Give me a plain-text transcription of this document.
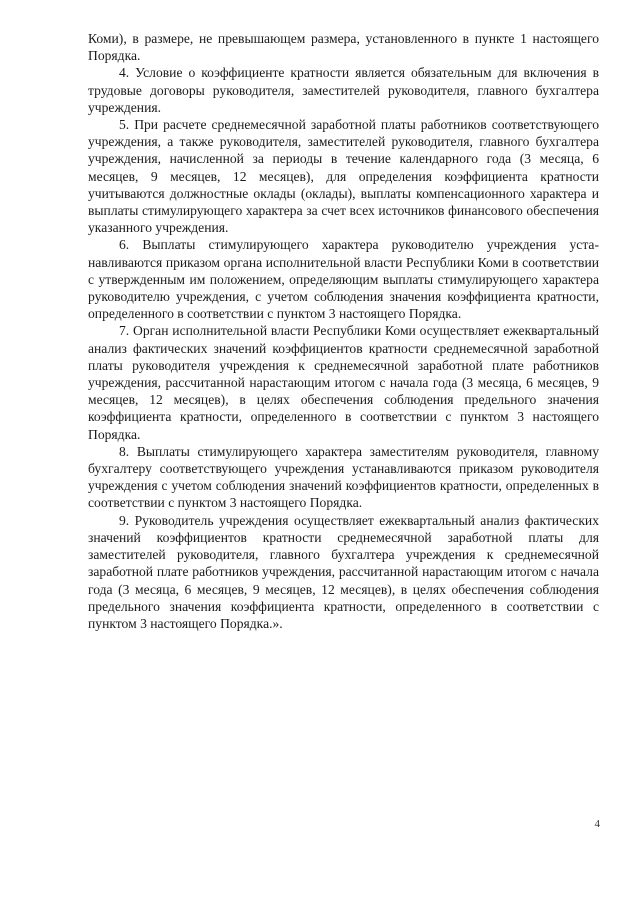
Коми), в размере, не превышающем размера, установленного в пункте 1 настоящего Порядка.

4. Условие о коэффициенте кратности является обязательным для включения в трудовые договоры руководителя, заместителей руководителя, главного бухгалтера учреждения.

5. При расчете среднемесячной заработной платы работников соответствующего учреждения, а также руководителя, заместителей руководителя, главного бухгалтера учреждения, начисленной за периоды в течение календарного года (3 месяца, 6 месяцев, 9 месяцев, 12 месяцев), для определения коэффициента кратности учитываются должностные оклады (оклады), выплаты компенсационного характера и выплаты стимулирующего характера за счет всех источников финансового обеспечения указанного учреждения.

6. Выплаты стимулирующего характера руководителю учреждения устанавливаются приказом органа исполнительной власти Республики Коми в соответствии с утвержденным им положением, определяющим выплаты стимулирующего характера руководителю учреждения, с учетом соблюдения значения коэффициента кратности, определенного в соответствии с пунктом 3 настоящего Порядка.

7. Орган исполнительной власти Республики Коми осуществляет ежеквартальный анализ фактических значений коэффициентов кратности среднемесячной заработной платы руководителя учреждения к среднемесячной заработной плате работников учреждения, рассчитанной нарастающим итогом с начала года (3 месяца, 6 месяцев, 9 месяцев, 12 месяцев), в целях обеспечения соблюдения предельного значения коэффициента кратности, определенного в соответствии с пунктом 3 настоящего Порядка.

8. Выплаты стимулирующего характера заместителям руководителя, главному бухгалтеру соответствующего учреждения устанавливаются приказом руководителя учреждения с учетом соблюдения значений коэффициентов кратности, определенных в соответствии с пунктом 3 настоящего Порядка.

9. Руководитель учреждения осуществляет ежеквартальный анализ фактических значений коэффициентов кратности среднемесячной заработной платы для заместителей руководителя, главного бухгалтера учреждения к среднемесячной заработной плате работников учреждения, рассчитанной нарастающим итогом с начала года (3 месяца, 6 месяцев, 9 месяцев, 12 месяцев), в целях обеспечения соблюдения предельного значения коэффициента кратности, определенного в соответствии с пунктом 3 настоящего Порядка.».

4
